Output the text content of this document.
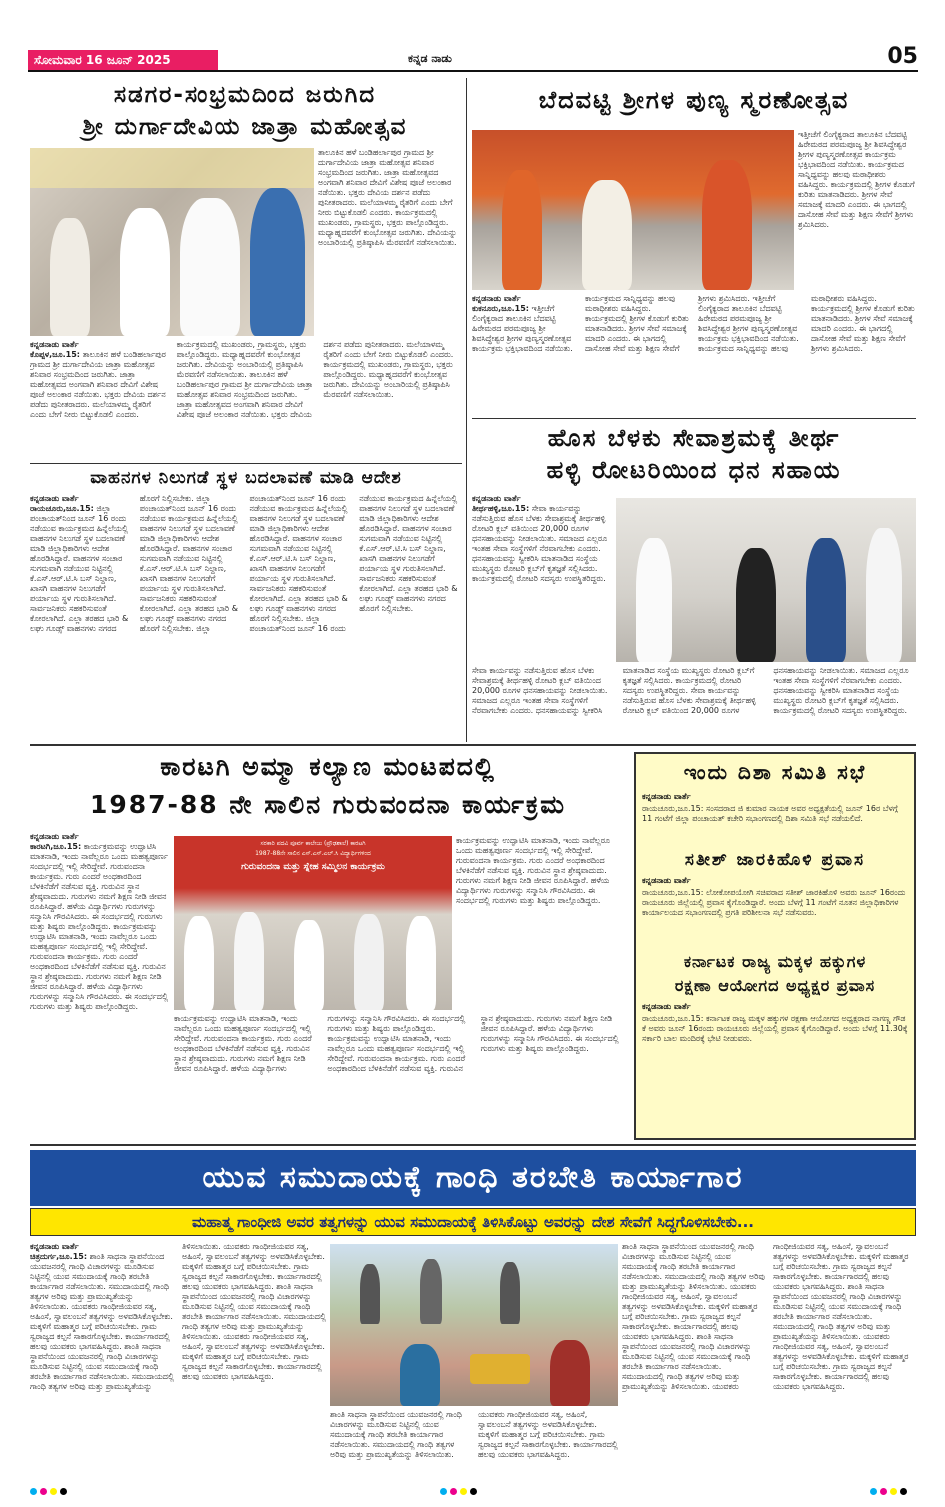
ಸೋಮವಾರ 16 ಜೂನ್ 2025	ಕನ್ನಡ ನಾಡು	05
ಸಡಗರ-ಸಂಭ್ರಮದಿಂದ ಜರುಗಿದ
ಶ್ರೀ ದುರ್ಗಾದೇವಿಯ ಜಾತ್ರಾ ಮಹೋತ್ಸವ

ತಾಲೂಕಿನ ಹಳೆ ಬಂಡಿಹರ್ಲಾಪುರ ಗ್ರಾಮದ ಶ್ರೀ ದುರ್ಗಾದೇವಿಯ ಜಾತ್ರಾ ಮಹೋತ್ಸವ ಶನಿವಾರ ಸಂಭ್ರಮದಿಂದ ಜರುಗಿತು. ಜಾತ್ರಾ ಮಹೋತ್ಸವದ ಅಂಗವಾಗಿ ಶನಿವಾರ ದೇವಿಗೆ ವಿಶೇಷ ಪೂಜೆ ಅಲಂಕಾರ ನಡೆಯಿತು. ಭಕ್ತರು ದೇವಿಯ ದರ್ಶನ ಪಡೆದು ಪುನೀತರಾದರು. ಮಲೆಯಾಳಮ್ಮ ರೈತರಿಗೆ ಎಂದು ಬೇಗೆ ನೀರು ಬಿಟ್ಟುಕೊಡಲಿ ಎಂದರು. ಕಾರ್ಯಕ್ರಮದಲ್ಲಿ ಮುಖಂಡರು, ಗ್ರಾಮಸ್ಥರು, ಭಕ್ತರು ಪಾಲ್ಗೊಂಡಿದ್ದರು. ಮಧ್ಯಾಹ್ನದವರೆಗೆ ಕುಂಭೋತ್ಸವ ಜರುಗಿತು. ದೇವಿಯನ್ನು ಅಂಬಾರಿಯಲ್ಲಿ ಪ್ರತಿಷ್ಠಾಪಿಸಿ ಮೆರವಣಿಗೆ ನಡೆಸಲಾಯಿತು.

ಕನ್ನಡನಾಡು ವಾರ್ತೆ
ಕೊಪ್ಪಳ,ಜೂ.15: ತಾಲೂಕಿನ ಹಳೆ ಬಂಡಿಹರ್ಲಾಪುರ ಗ್ರಾಮದ ಶ್ರೀ ದುರ್ಗಾದೇವಿಯ ಜಾತ್ರಾ ಮಹೋತ್ಸವ ಶನಿವಾರ ಸಂಭ್ರಮದಿಂದ ಜರುಗಿತು. ಜಾತ್ರಾ ಮಹೋತ್ಸವದ ಅಂಗವಾಗಿ ಶನಿವಾರ ದೇವಿಗೆ ವಿಶೇಷ ಪೂಜೆ ಅಲಂಕಾರ ನಡೆಯಿತು. ಭಕ್ತರು ದೇವಿಯ ದರ್ಶನ ಪಡೆದು ಪುನೀತರಾದರು. ಮಲೆಯಾಳಮ್ಮ ರೈತರಿಗೆ ಎಂದು ಬೇಗೆ ನೀರು ಬಿಟ್ಟುಕೊಡಲಿ ಎಂದರು. ಕಾರ್ಯಕ್ರಮದಲ್ಲಿ ಮುಖಂಡರು, ಗ್ರಾಮಸ್ಥರು, ಭಕ್ತರು ಪಾಲ್ಗೊಂಡಿದ್ದರು. ಮಧ್ಯಾಹ್ನದವರೆಗೆ ಕುಂಭೋತ್ಸವ ಜರುಗಿತು. ದೇವಿಯನ್ನು ಅಂಬಾರಿಯಲ್ಲಿ ಪ್ರತಿಷ್ಠಾಪಿಸಿ ಮೆರವಣಿಗೆ ನಡೆಸಲಾಯಿತು. ತಾಲೂಕಿನ ಹಳೆ ಬಂಡಿಹರ್ಲಾಪುರ ಗ್ರಾಮದ ಶ್ರೀ ದುರ್ಗಾದೇವಿಯ ಜಾತ್ರಾ ಮಹೋತ್ಸವ ಶನಿವಾರ ಸಂಭ್ರಮದಿಂದ ಜರುಗಿತು. ಜಾತ್ರಾ ಮಹೋತ್ಸವದ ಅಂಗವಾಗಿ ಶನಿವಾರ ದೇವಿಗೆ ವಿಶೇಷ ಪೂಜೆ ಅಲಂಕಾರ ನಡೆಯಿತು. ಭಕ್ತರು ದೇವಿಯ ದರ್ಶನ ಪಡೆದು ಪುನೀತರಾದರು. ಮಲೆಯಾಳಮ್ಮ ರೈತರಿಗೆ ಎಂದು ಬೇಗೆ ನೀರು ಬಿಟ್ಟುಕೊಡಲಿ ಎಂದರು. ಕಾರ್ಯಕ್ರಮದಲ್ಲಿ ಮುಖಂಡರು, ಗ್ರಾಮಸ್ಥರು, ಭಕ್ತರು ಪಾಲ್ಗೊಂಡಿದ್ದರು. ಮಧ್ಯಾಹ್ನದವರೆಗೆ ಕುಂಭೋತ್ಸವ ಜರುಗಿತು. ದೇವಿಯನ್ನು ಅಂಬಾರಿಯಲ್ಲಿ ಪ್ರತಿಷ್ಠಾಪಿಸಿ ಮೆರವಣಿಗೆ ನಡೆಸಲಾಯಿತು.
ಬೆದವಟ್ಟಿ ಶ್ರೀಗಳ ಪುಣ್ಯ ಸ್ಮರಣೋತ್ಸವ

ಇತ್ತೀಚೆಗೆ ಲಿಂಗೈಕ್ಯರಾದ ತಾಲೂಕಿನ ಬೆದವಟ್ಟಿ ಹಿರೇಮಠದ ಪರಮಪೂಜ್ಯ ಶ್ರೀ ಶಿವಸಿದ್ಧೇಶ್ವರ ಶ್ರೀಗಳ ಪುಣ್ಯಸ್ಮರಣೋತ್ಸವ ಕಾರ್ಯಕ್ರಮ ಭಕ್ತಿಭಾವದಿಂದ ನಡೆಯಿತು. ಕಾರ್ಯಕ್ರಮದ ಸಾನ್ನಿಧ್ಯವನ್ನು ಹಲವು ಮಠಾಧೀಶರು ವಹಿಸಿದ್ದರು. ಕಾರ್ಯಕ್ರಮದಲ್ಲಿ ಶ್ರೀಗಳ ಕೊಡುಗೆ ಕುರಿತು ಮಾತನಾಡಿದರು. ಶ್ರೀಗಳ ಸೇವೆ ಸಮಾಜಕ್ಕೆ ಮಾದರಿ ಎಂದರು. ಈ ಭಾಗದಲ್ಲಿ ದಾಸೋಹ ಸೇವೆ ಮತ್ತು ಶಿಕ್ಷಣ ಸೇವೆಗೆ ಶ್ರೀಗಳು ಶ್ರಮಿಸಿದರು.

ಕನ್ನಡನಾಡು ವಾರ್ತೆ
ಕುಕನೂರು,ಜೂ.15: ಇತ್ತೀಚೆಗೆ ಲಿಂಗೈಕ್ಯರಾದ ತಾಲೂಕಿನ ಬೆದವಟ್ಟಿ ಹಿರೇಮಠದ ಪರಮಪೂಜ್ಯ ಶ್ರೀ ಶಿವಸಿದ್ಧೇಶ್ವರ ಶ್ರೀಗಳ ಪುಣ್ಯಸ್ಮರಣೋತ್ಸವ ಕಾರ್ಯಕ್ರಮ ಭಕ್ತಿಭಾವದಿಂದ ನಡೆಯಿತು. ಕಾರ್ಯಕ್ರಮದ ಸಾನ್ನಿಧ್ಯವನ್ನು ಹಲವು ಮಠಾಧೀಶರು ವಹಿಸಿದ್ದರು. ಕಾರ್ಯಕ್ರಮದಲ್ಲಿ ಶ್ರೀಗಳ ಕೊಡುಗೆ ಕುರಿತು ಮಾತನಾಡಿದರು. ಶ್ರೀಗಳ ಸೇವೆ ಸಮಾಜಕ್ಕೆ ಮಾದರಿ ಎಂದರು. ಈ ಭಾಗದಲ್ಲಿ ದಾಸೋಹ ಸೇವೆ ಮತ್ತು ಶಿಕ್ಷಣ ಸೇವೆಗೆ ಶ್ರೀಗಳು ಶ್ರಮಿಸಿದರು. ಇತ್ತೀಚೆಗೆ ಲಿಂಗೈಕ್ಯರಾದ ತಾಲೂಕಿನ ಬೆದವಟ್ಟಿ ಹಿರೇಮಠದ ಪರಮಪೂಜ್ಯ ಶ್ರೀ ಶಿವಸಿದ್ಧೇಶ್ವರ ಶ್ರೀಗಳ ಪುಣ್ಯಸ್ಮರಣೋತ್ಸವ ಕಾರ್ಯಕ್ರಮ ಭಕ್ತಿಭಾವದಿಂದ ನಡೆಯಿತು. ಕಾರ್ಯಕ್ರಮದ ಸಾನ್ನಿಧ್ಯವನ್ನು ಹಲವು ಮಠಾಧೀಶರು ವಹಿಸಿದ್ದರು. ಕಾರ್ಯಕ್ರಮದಲ್ಲಿ ಶ್ರೀಗಳ ಕೊಡುಗೆ ಕುರಿತು ಮಾತನಾಡಿದರು. ಶ್ರೀಗಳ ಸೇವೆ ಸಮಾಜಕ್ಕೆ ಮಾದರಿ ಎಂದರು. ಈ ಭಾಗದಲ್ಲಿ ದಾಸೋಹ ಸೇವೆ ಮತ್ತು ಶಿಕ್ಷಣ ಸೇವೆಗೆ ಶ್ರೀಗಳು ಶ್ರಮಿಸಿದರು.
ವಾಹನಗಳ ನಿಲುಗಡೆ ಸ್ಥಳ ಬದಲಾವಣೆ ಮಾಡಿ ಆದೇಶ
ಕನ್ನಡನಾಡು ವಾರ್ತೆ
ರಾಯಚೂರು,ಜೂ.15: ಜಿಲ್ಲಾ ಪಂಚಾಯತ್‌ನಿಂದ ಜೂನ್ 16 ರಂದು ನಡೆಯುವ ಕಾರ್ಯಕ್ರಮದ ಹಿನ್ನೆಲೆಯಲ್ಲಿ ವಾಹನಗಳ ನಿಲುಗಡೆ ಸ್ಥಳ ಬದಲಾವಣೆ ಮಾಡಿ ಜಿಲ್ಲಾಧಿಕಾರಿಗಳು ಆದೇಶ ಹೊರಡಿಸಿದ್ದಾರೆ. ವಾಹನಗಳ ಸಂಚಾರ ಸುಗಮವಾಗಿ ನಡೆಯುವ ನಿಟ್ಟಿನಲ್ಲಿ ಕೆ.ಎಸ್.ಆರ್.ಟಿ.ಸಿ ಬಸ್ ನಿಲ್ದಾಣ, ಖಾಸಗಿ ವಾಹನಗಳ ನಿಲುಗಡೆಗೆ ಪರ್ಯಾಯ ಸ್ಥಳ ಗುರುತಿಸಲಾಗಿದೆ. ಸಾರ್ವಜನಿಕರು ಸಹಕರಿಸುವಂತೆ ಕೋರಲಾಗಿದೆ. ಎಲ್ಲಾ ತರಹದ ಭಾರಿ & ಲಘು ಗೂಡ್ಸ್ ವಾಹನಗಳು ನಗರದ ಹೊರಗೆ ನಿಲ್ಲಿಸಬೇಕು. ಜಿಲ್ಲಾ ಪಂಚಾಯತ್‌ನಿಂದ ಜೂನ್ 16 ರಂದು ನಡೆಯುವ ಕಾರ್ಯಕ್ರಮದ ಹಿನ್ನೆಲೆಯಲ್ಲಿ ವಾಹನಗಳ ನಿಲುಗಡೆ ಸ್ಥಳ ಬದಲಾವಣೆ ಮಾಡಿ ಜಿಲ್ಲಾಧಿಕಾರಿಗಳು ಆದೇಶ ಹೊರಡಿಸಿದ್ದಾರೆ. ವಾಹನಗಳ ಸಂಚಾರ ಸುಗಮವಾಗಿ ನಡೆಯುವ ನಿಟ್ಟಿನಲ್ಲಿ ಕೆ.ಎಸ್.ಆರ್.ಟಿ.ಸಿ ಬಸ್ ನಿಲ್ದಾಣ, ಖಾಸಗಿ ವಾಹನಗಳ ನಿಲುಗಡೆಗೆ ಪರ್ಯಾಯ ಸ್ಥಳ ಗುರುತಿಸಲಾಗಿದೆ. ಸಾರ್ವಜನಿಕರು ಸಹಕರಿಸುವಂತೆ ಕೋರಲಾಗಿದೆ. ಎಲ್ಲಾ ತರಹದ ಭಾರಿ & ಲಘು ಗೂಡ್ಸ್ ವಾಹನಗಳು ನಗರದ ಹೊರಗೆ ನಿಲ್ಲಿಸಬೇಕು. ಜಿಲ್ಲಾ ಪಂಚಾಯತ್‌ನಿಂದ ಜೂನ್ 16 ರಂದು ನಡೆಯುವ ಕಾರ್ಯಕ್ರಮದ ಹಿನ್ನೆಲೆಯಲ್ಲಿ ವಾಹನಗಳ ನಿಲುಗಡೆ ಸ್ಥಳ ಬದಲಾವಣೆ ಮಾಡಿ ಜಿಲ್ಲಾಧಿಕಾರಿಗಳು ಆದೇಶ ಹೊರಡಿಸಿದ್ದಾರೆ. ವಾಹನಗಳ ಸಂಚಾರ ಸುಗಮವಾಗಿ ನಡೆಯುವ ನಿಟ್ಟಿನಲ್ಲಿ ಕೆ.ಎಸ್.ಆರ್.ಟಿ.ಸಿ ಬಸ್ ನಿಲ್ದಾಣ, ಖಾಸಗಿ ವಾಹನಗಳ ನಿಲುಗಡೆಗೆ ಪರ್ಯಾಯ ಸ್ಥಳ ಗುರುತಿಸಲಾಗಿದೆ. ಸಾರ್ವಜನಿಕರು ಸಹಕರಿಸುವಂತೆ ಕೋರಲಾಗಿದೆ. ಎಲ್ಲಾ ತರಹದ ಭಾರಿ & ಲಘು ಗೂಡ್ಸ್ ವಾಹನಗಳು ನಗರದ ಹೊರಗೆ ನಿಲ್ಲಿಸಬೇಕು. ಜಿಲ್ಲಾ ಪಂಚಾಯತ್‌ನಿಂದ ಜೂನ್ 16 ರಂದು ನಡೆಯುವ ಕಾರ್ಯಕ್ರಮದ ಹಿನ್ನೆಲೆಯಲ್ಲಿ ವಾಹನಗಳ ನಿಲುಗಡೆ ಸ್ಥಳ ಬದಲಾವಣೆ ಮಾಡಿ ಜಿಲ್ಲಾಧಿಕಾರಿಗಳು ಆದೇಶ ಹೊರಡಿಸಿದ್ದಾರೆ. ವಾಹನಗಳ ಸಂಚಾರ ಸುಗಮವಾಗಿ ನಡೆಯುವ ನಿಟ್ಟಿನಲ್ಲಿ ಕೆ.ಎಸ್.ಆರ್.ಟಿ.ಸಿ ಬಸ್ ನಿಲ್ದಾಣ, ಖಾಸಗಿ ವಾಹನಗಳ ನಿಲುಗಡೆಗೆ ಪರ್ಯಾಯ ಸ್ಥಳ ಗುರುತಿಸಲಾಗಿದೆ. ಸಾರ್ವಜನಿಕರು ಸಹಕರಿಸುವಂತೆ ಕೋರಲಾಗಿದೆ. ಎಲ್ಲಾ ತರಹದ ಭಾರಿ & ಲಘು ಗೂಡ್ಸ್ ವಾಹನಗಳು ನಗರದ ಹೊರಗೆ ನಿಲ್ಲಿಸಬೇಕು.
ಹೊಸ ಬೆಳಕು ಸೇವಾಶ್ರಮಕ್ಕೆ ತೀರ್ಥ
ಹಳ್ಳಿ ರೋಟರಿಯಿಂದ ಧನ ಸಹಾಯ
ಕನ್ನಡನಾಡು ವಾರ್ತೆ
ತೀರ್ಥಹಳ್ಳಿ,ಜೂ.15: ಸೇವಾ ಕಾರ್ಯವನ್ನು ನಡೆಸುತ್ತಿರುವ ಹೊಸ ಬೆಳಕು ಸೇವಾಶ್ರಮಕ್ಕೆ ತೀರ್ಥಹಳ್ಳಿ ರೋಟರಿ ಕ್ಲಬ್ ವತಿಯಿಂದ 20,000 ರೂಗಳ ಧನಸಹಾಯವನ್ನು ನೀಡಲಾಯಿತು. ಸಮಾಜದ ಎಲ್ಲರೂ ಇಂತಹ ಸೇವಾ ಸಂಸ್ಥೆಗಳಿಗೆ ನೆರವಾಗಬೇಕು ಎಂದರು. ಧನಸಹಾಯವನ್ನು ಸ್ವೀಕರಿಸಿ ಮಾತನಾಡಿದ ಸಂಸ್ಥೆಯ ಮುಖ್ಯಸ್ಥರು ರೋಟರಿ ಕ್ಲಬ್‌ಗೆ ಕೃತಜ್ಞತೆ ಸಲ್ಲಿಸಿದರು. ಕಾರ್ಯಕ್ರಮದಲ್ಲಿ ರೋಟರಿ ಸದಸ್ಯರು ಉಪಸ್ಥಿತರಿದ್ದರು.
ಸೇವಾ ಕಾರ್ಯವನ್ನು ನಡೆಸುತ್ತಿರುವ ಹೊಸ ಬೆಳಕು ಸೇವಾಶ್ರಮಕ್ಕೆ ತೀರ್ಥಹಳ್ಳಿ ರೋಟರಿ ಕ್ಲಬ್ ವತಿಯಿಂದ 20,000 ರೂಗಳ ಧನಸಹಾಯವನ್ನು ನೀಡಲಾಯಿತು. ಸಮಾಜದ ಎಲ್ಲರೂ ಇಂತಹ ಸೇವಾ ಸಂಸ್ಥೆಗಳಿಗೆ ನೆರವಾಗಬೇಕು ಎಂದರು. ಧನಸಹಾಯವನ್ನು ಸ್ವೀಕರಿಸಿ ಮಾತನಾಡಿದ ಸಂಸ್ಥೆಯ ಮುಖ್ಯಸ್ಥರು ರೋಟರಿ ಕ್ಲಬ್‌ಗೆ ಕೃತಜ್ಞತೆ ಸಲ್ಲಿಸಿದರು. ಕಾರ್ಯಕ್ರಮದಲ್ಲಿ ರೋಟರಿ ಸದಸ್ಯರು ಉಪಸ್ಥಿತರಿದ್ದರು. ಸೇವಾ ಕಾರ್ಯವನ್ನು ನಡೆಸುತ್ತಿರುವ ಹೊಸ ಬೆಳಕು ಸೇವಾಶ್ರಮಕ್ಕೆ ತೀರ್ಥಹಳ್ಳಿ ರೋಟರಿ ಕ್ಲಬ್ ವತಿಯಿಂದ 20,000 ರೂಗಳ ಧನಸಹಾಯವನ್ನು ನೀಡಲಾಯಿತು. ಸಮಾಜದ ಎಲ್ಲರೂ ಇಂತಹ ಸೇವಾ ಸಂಸ್ಥೆಗಳಿಗೆ ನೆರವಾಗಬೇಕು ಎಂದರು. ಧನಸಹಾಯವನ್ನು ಸ್ವೀಕರಿಸಿ ಮಾತನಾಡಿದ ಸಂಸ್ಥೆಯ ಮುಖ್ಯಸ್ಥರು ರೋಟರಿ ಕ್ಲಬ್‌ಗೆ ಕೃತಜ್ಞತೆ ಸಲ್ಲಿಸಿದರು. ಕಾರ್ಯಕ್ರಮದಲ್ಲಿ ರೋಟರಿ ಸದಸ್ಯರು ಉಪಸ್ಥಿತರಿದ್ದರು.
ಕಾರಟಗಿ ಅಮ್ಮಾ ಕಲ್ಯಾಣ ಮಂಟಪದಲ್ಲಿ
1987-88 ನೇ ಸಾಲಿನ ಗುರುವಂದನಾ ಕಾರ್ಯಕ್ರಮ
ಕನ್ನಡನಾಡು ವಾರ್ತೆ
ಕಾರಟಗಿ,ಜೂ.15: ಕಾರ್ಯಕ್ರಮವನ್ನು ಉದ್ಘಾಟಿಸಿ ಮಾತನಾಡಿ, ಇಂದು ನಾವೆಲ್ಲರೂ ಒಂದು ಮಹತ್ವಪೂರ್ಣ ಸಂದರ್ಭದಲ್ಲಿ ಇಲ್ಲಿ ಸೇರಿದ್ದೇವೆ. ಗುರುವಂದನಾ ಕಾರ್ಯಕ್ರಮ. ಗುರು ಎಂದರೆ ಅಂಧಕಾರದಿಂದ ಬೆಳಕಿನೆಡೆಗೆ ನಡೆಸುವ ವ್ಯಕ್ತಿ. ಗುರುವಿನ ಸ್ಥಾನ ಶ್ರೇಷ್ಠವಾದುದು. ಗುರುಗಳು ನಮಗೆ ಶಿಕ್ಷಣ ನೀಡಿ ಜೀವನ ರೂಪಿಸಿದ್ದಾರೆ. ಹಳೆಯ ವಿದ್ಯಾರ್ಥಿಗಳು ಗುರುಗಳನ್ನು ಸನ್ಮಾನಿಸಿ ಗೌರವಿಸಿದರು. ಈ ಸಂದರ್ಭದಲ್ಲಿ ಗುರುಗಳು ಮತ್ತು ಶಿಷ್ಯರು ಪಾಲ್ಗೊಂಡಿದ್ದರು. ಕಾರ್ಯಕ್ರಮವನ್ನು ಉದ್ಘಾಟಿಸಿ ಮಾತನಾಡಿ, ಇಂದು ನಾವೆಲ್ಲರೂ ಒಂದು ಮಹತ್ವಪೂರ್ಣ ಸಂದರ್ಭದಲ್ಲಿ ಇಲ್ಲಿ ಸೇರಿದ್ದೇವೆ. ಗುರುವಂದನಾ ಕಾರ್ಯಕ್ರಮ. ಗುರು ಎಂದರೆ ಅಂಧಕಾರದಿಂದ ಬೆಳಕಿನೆಡೆಗೆ ನಡೆಸುವ ವ್ಯಕ್ತಿ. ಗುರುವಿನ ಸ್ಥಾನ ಶ್ರೇಷ್ಠವಾದುದು. ಗುರುಗಳು ನಮಗೆ ಶಿಕ್ಷಣ ನೀಡಿ ಜೀವನ ರೂಪಿಸಿದ್ದಾರೆ. ಹಳೆಯ ವಿದ್ಯಾರ್ಥಿಗಳು ಗುರುಗಳನ್ನು ಸನ್ಮಾನಿಸಿ ಗೌರವಿಸಿದರು. ಈ ಸಂದರ್ಭದಲ್ಲಿ ಗುರುಗಳು ಮತ್ತು ಶಿಷ್ಯರು ಪಾಲ್ಗೊಂಡಿದ್ದರು.
ಸರಕಾರಿ ಪದವಿ ಪೂರ್ವ ಕಾಲೇಜು (ಪ್ರೌಢಶಾಲೆ) ಕಾರಟಗಿ
1987-88ನೇ ಸಾಲಿನ ಎಸ್.ಎಸ್.ಎಲ್.ಸಿ ವಿದ್ಯಾರ್ಥಿಗಳಿಂದ
ಗುರುವಂದನಾ ಮತ್ತು ಸ್ನೇಹ ಸಮ್ಮಿಲನ ಕಾರ್ಯಕ್ರಮ

ಕಾರ್ಯಕ್ರಮವನ್ನು ಉದ್ಘಾಟಿಸಿ ಮಾತನಾಡಿ, ಇಂದು ನಾವೆಲ್ಲರೂ ಒಂದು ಮಹತ್ವಪೂರ್ಣ ಸಂದರ್ಭದಲ್ಲಿ ಇಲ್ಲಿ ಸೇರಿದ್ದೇವೆ. ಗುರುವಂದನಾ ಕಾರ್ಯಕ್ರಮ. ಗುರು ಎಂದರೆ ಅಂಧಕಾರದಿಂದ ಬೆಳಕಿನೆಡೆಗೆ ನಡೆಸುವ ವ್ಯಕ್ತಿ. ಗುರುವಿನ ಸ್ಥಾನ ಶ್ರೇಷ್ಠವಾದುದು. ಗುರುಗಳು ನಮಗೆ ಶಿಕ್ಷಣ ನೀಡಿ ಜೀವನ ರೂಪಿಸಿದ್ದಾರೆ. ಹಳೆಯ ವಿದ್ಯಾರ್ಥಿಗಳು ಗುರುಗಳನ್ನು ಸನ್ಮಾನಿಸಿ ಗೌರವಿಸಿದರು. ಈ ಸಂದರ್ಭದಲ್ಲಿ ಗುರುಗಳು ಮತ್ತು ಶಿಷ್ಯರು ಪಾಲ್ಗೊಂಡಿದ್ದರು.

ಕಾರ್ಯಕ್ರಮವನ್ನು ಉದ್ಘಾಟಿಸಿ ಮಾತನಾಡಿ, ಇಂದು ನಾವೆಲ್ಲರೂ ಒಂದು ಮಹತ್ವಪೂರ್ಣ ಸಂದರ್ಭದಲ್ಲಿ ಇಲ್ಲಿ ಸೇರಿದ್ದೇವೆ. ಗುರುವಂದನಾ ಕಾರ್ಯಕ್ರಮ. ಗುರು ಎಂದರೆ ಅಂಧಕಾರದಿಂದ ಬೆಳಕಿನೆಡೆಗೆ ನಡೆಸುವ ವ್ಯಕ್ತಿ. ಗುರುವಿನ ಸ್ಥಾನ ಶ್ರೇಷ್ಠವಾದುದು. ಗುರುಗಳು ನಮಗೆ ಶಿಕ್ಷಣ ನೀಡಿ ಜೀವನ ರೂಪಿಸಿದ್ದಾರೆ. ಹಳೆಯ ವಿದ್ಯಾರ್ಥಿಗಳು ಗುರುಗಳನ್ನು ಸನ್ಮಾನಿಸಿ ಗೌರವಿಸಿದರು. ಈ ಸಂದರ್ಭದಲ್ಲಿ ಗುರುಗಳು ಮತ್ತು ಶಿಷ್ಯರು ಪಾಲ್ಗೊಂಡಿದ್ದರು. ಕಾರ್ಯಕ್ರಮವನ್ನು ಉದ್ಘಾಟಿಸಿ ಮಾತನಾಡಿ, ಇಂದು ನಾವೆಲ್ಲರೂ ಒಂದು ಮಹತ್ವಪೂರ್ಣ ಸಂದರ್ಭದಲ್ಲಿ ಇಲ್ಲಿ ಸೇರಿದ್ದೇವೆ. ಗುರುವಂದನಾ ಕಾರ್ಯಕ್ರಮ. ಗುರು ಎಂದರೆ ಅಂಧಕಾರದಿಂದ ಬೆಳಕಿನೆಡೆಗೆ ನಡೆಸುವ ವ್ಯಕ್ತಿ. ಗುರುವಿನ ಸ್ಥಾನ ಶ್ರೇಷ್ಠವಾದುದು. ಗುರುಗಳು ನಮಗೆ ಶಿಕ್ಷಣ ನೀಡಿ ಜೀವನ ರೂಪಿಸಿದ್ದಾರೆ. ಹಳೆಯ ವಿದ್ಯಾರ್ಥಿಗಳು ಗುರುಗಳನ್ನು ಸನ್ಮಾನಿಸಿ ಗೌರವಿಸಿದರು. ಈ ಸಂದರ್ಭದಲ್ಲಿ ಗುರುಗಳು ಮತ್ತು ಶಿಷ್ಯರು ಪಾಲ್ಗೊಂಡಿದ್ದರು.
ಇಂದು ದಿಶಾ ಸಮಿತಿ ಸಭೆ
ಕನ್ನಡನಾಡು ವಾರ್ತೆ
ರಾಯಚೂರು,ಜೂ.15: ಸಂಸದರಾದ ಜಿ ಕುಮಾರ ನಾಯಕ ಅವರ ಅಧ್ಯಕ್ಷತೆಯಲ್ಲಿ ಜೂನ್ 16ರ ಬೆಳಗ್ಗೆ 11 ಗಂಟೆಗೆ ಜಿಲ್ಲಾ ಪಂಚಾಯತ್ ಕಚೇರಿ ಸಭಾಂಗಣದಲ್ಲಿ ದಿಶಾ ಸಮಿತಿ ಸಭೆ ನಡೆಯಲಿದೆ.
ಸತೀಶ್ ಜಾರಕಿಹೊಳಿ ಪ್ರವಾಸ
ಕನ್ನಡನಾಡು ವಾರ್ತೆ
ರಾಯಚೂರು,ಜೂ.15: ಲೋಕೋಪಯೋಗಿ ಸಚಿವರಾದ ಸತೀಶ್ ಜಾರಕಿಹೊಳಿ ಅವರು ಜೂನ್ 16ರಂದು ರಾಯಚೂರು ಜಿಲ್ಲೆಯಲ್ಲಿ ಪ್ರವಾಸ ಕೈಗೊಂಡಿದ್ದಾರೆ. ಅಂದು ಬೆಳಗ್ಗೆ 11 ಗಂಟೆಗೆ ನೂತನ ಜಿಲ್ಲಾಧಿಕಾರಿಗಳ ಕಾರ್ಯಾಲಯದ ಸಭಾಂಗಣದಲ್ಲಿ ಪ್ರಗತಿ ಪರಿಶೀಲನಾ ಸಭೆ ನಡೆಸುವರು.
ಕರ್ನಾಟಕ ರಾಜ್ಯ ಮಕ್ಕಳ ಹಕ್ಕುಗಳ
ರಕ್ಷಣಾ ಆಯೋಗದ ಅಧ್ಯಕ್ಷರ ಪ್ರವಾಸ
ಕನ್ನಡನಾಡು ವಾರ್ತೆ
ರಾಯಚೂರು,ಜೂ.15: ಕರ್ನಾಟಕ ರಾಜ್ಯ ಮಕ್ಕಳ ಹಕ್ಕುಗಳ ರಕ್ಷಣಾ ಆಯೋಗದ ಅಧ್ಯಕ್ಷರಾದ ನಾಗಣ್ಣ ಗೌಡ ಕೆ ಅವರು ಜೂನ್ 16ರಂದು ರಾಯಚೂರು ಜಿಲ್ಲೆಯಲ್ಲಿ ಪ್ರವಾಸ ಕೈಗೊಂಡಿದ್ದಾರೆ. ಅಂದು ಬೆಳಗ್ಗೆ 11.30ಕ್ಕೆ ಸರ್ಕಾರಿ ಬಾಲ ಮಂದಿರಕ್ಕೆ ಭೇಟಿ ನೀಡುವರು.
ಯುವ ಸಮುದಾಯಕ್ಕೆ ಗಾಂಧಿ ತರಬೇತಿ ಕಾರ್ಯಾಗಾರ
ಮಹಾತ್ಮ ಗಾಂಧೀಜಿ ಅವರ ತತ್ವಗಳನ್ನು ಯುವ ಸಮುದಾಯಕ್ಕೆ ತಿಳಿಸಿಕೊಟ್ಟು ಅವರನ್ನು ದೇಶ ಸೇವೆಗೆ ಸಿದ್ಧಗೊಳಿಸಬೇಕು...
ಕನ್ನಡನಾಡು ವಾರ್ತೆ
ಚಿತ್ರದುರ್ಗ,ಜೂ.15: ಶಾಂತಿ ಸಾಧನಾ ಸ್ಥಾಪನೆಯಿಂದ ಯುವಜನರಲ್ಲಿ ಗಾಂಧಿ ವಿಚಾರಗಳನ್ನು ಮೂಡಿಸುವ ನಿಟ್ಟಿನಲ್ಲಿ ಯುವ ಸಮುದಾಯಕ್ಕೆ ಗಾಂಧಿ ತರಬೇತಿ ಕಾರ್ಯಾಗಾರ ನಡೆಸಲಾಯಿತು. ಸಮುದಾಯದಲ್ಲಿ ಗಾಂಧಿ ತತ್ವಗಳ ಅರಿವು ಮತ್ತು ಪ್ರಾಮುಖ್ಯತೆಯನ್ನು ತಿಳಿಸಲಾಯಿತು. ಯುವಕರು ಗಾಂಧೀಜಿಯವರ ಸತ್ಯ, ಅಹಿಂಸೆ, ಸ್ವಾವಲಂಬನೆ ತತ್ವಗಳನ್ನು ಅಳವಡಿಸಿಕೊಳ್ಳಬೇಕು. ಮಕ್ಕಳಿಗೆ ಮಹಾತ್ಮರ ಬಗ್ಗೆ ಪರಿಚಯಿಸಬೇಕು. ಗ್ರಾಮ ಸ್ವರಾಜ್ಯದ ಕಲ್ಪನೆ ಸಾಕಾರಗೊಳ್ಳಬೇಕು. ಕಾರ್ಯಾಗಾರದಲ್ಲಿ ಹಲವು ಯುವಕರು ಭಾಗವಹಿಸಿದ್ದರು. ಶಾಂತಿ ಸಾಧನಾ ಸ್ಥಾಪನೆಯಿಂದ ಯುವಜನರಲ್ಲಿ ಗಾಂಧಿ ವಿಚಾರಗಳನ್ನು ಮೂಡಿಸುವ ನಿಟ್ಟಿನಲ್ಲಿ ಯುವ ಸಮುದಾಯಕ್ಕೆ ಗಾಂಧಿ ತರಬೇತಿ ಕಾರ್ಯಾಗಾರ ನಡೆಸಲಾಯಿತು. ಸಮುದಾಯದಲ್ಲಿ ಗಾಂಧಿ ತತ್ವಗಳ ಅರಿವು ಮತ್ತು ಪ್ರಾಮುಖ್ಯತೆಯನ್ನು ತಿಳಿಸಲಾಯಿತು. ಯುವಕರು ಗಾಂಧೀಜಿಯವರ ಸತ್ಯ, ಅಹಿಂಸೆ, ಸ್ವಾವಲಂಬನೆ ತತ್ವಗಳನ್ನು ಅಳವಡಿಸಿಕೊಳ್ಳಬೇಕು. ಮಕ್ಕಳಿಗೆ ಮಹಾತ್ಮರ ಬಗ್ಗೆ ಪರಿಚಯಿಸಬೇಕು. ಗ್ರಾಮ ಸ್ವರಾಜ್ಯದ ಕಲ್ಪನೆ ಸಾಕಾರಗೊಳ್ಳಬೇಕು. ಕಾರ್ಯಾಗಾರದಲ್ಲಿ ಹಲವು ಯುವಕರು ಭಾಗವಹಿಸಿದ್ದರು. ಶಾಂತಿ ಸಾಧನಾ ಸ್ಥಾಪನೆಯಿಂದ ಯುವಜನರಲ್ಲಿ ಗಾಂಧಿ ವಿಚಾರಗಳನ್ನು ಮೂಡಿಸುವ ನಿಟ್ಟಿನಲ್ಲಿ ಯುವ ಸಮುದಾಯಕ್ಕೆ ಗಾಂಧಿ ತರಬೇತಿ ಕಾರ್ಯಾಗಾರ ನಡೆಸಲಾಯಿತು. ಸಮುದಾಯದಲ್ಲಿ ಗಾಂಧಿ ತತ್ವಗಳ ಅರಿವು ಮತ್ತು ಪ್ರಾಮುಖ್ಯತೆಯನ್ನು ತಿಳಿಸಲಾಯಿತು. ಯುವಕರು ಗಾಂಧೀಜಿಯವರ ಸತ್ಯ, ಅಹಿಂಸೆ, ಸ್ವಾವಲಂಬನೆ ತತ್ವಗಳನ್ನು ಅಳವಡಿಸಿಕೊಳ್ಳಬೇಕು. ಮಕ್ಕಳಿಗೆ ಮಹಾತ್ಮರ ಬಗ್ಗೆ ಪರಿಚಯಿಸಬೇಕು. ಗ್ರಾಮ ಸ್ವರಾಜ್ಯದ ಕಲ್ಪನೆ ಸಾಕಾರಗೊಳ್ಳಬೇಕು. ಕಾರ್ಯಾಗಾರದಲ್ಲಿ ಹಲವು ಯುವಕರು ಭಾಗವಹಿಸಿದ್ದರು.
ಶಾಂತಿ ಸಾಧನಾ ಸ್ಥಾಪನೆಯಿಂದ ಯುವಜನರಲ್ಲಿ ಗಾಂಧಿ ವಿಚಾರಗಳನ್ನು ಮೂಡಿಸುವ ನಿಟ್ಟಿನಲ್ಲಿ ಯುವ ಸಮುದಾಯಕ್ಕೆ ಗಾಂಧಿ ತರಬೇತಿ ಕಾರ್ಯಾಗಾರ ನಡೆಸಲಾಯಿತು. ಸಮುದಾಯದಲ್ಲಿ ಗಾಂಧಿ ತತ್ವಗಳ ಅರಿವು ಮತ್ತು ಪ್ರಾಮುಖ್ಯತೆಯನ್ನು ತಿಳಿಸಲಾಯಿತು. ಯುವಕರು ಗಾಂಧೀಜಿಯವರ ಸತ್ಯ, ಅಹಿಂಸೆ, ಸ್ವಾವಲಂಬನೆ ತತ್ವಗಳನ್ನು ಅಳವಡಿಸಿಕೊಳ್ಳಬೇಕು. ಮಕ್ಕಳಿಗೆ ಮಹಾತ್ಮರ ಬಗ್ಗೆ ಪರಿಚಯಿಸಬೇಕು. ಗ್ರಾಮ ಸ್ವರಾಜ್ಯದ ಕಲ್ಪನೆ ಸಾಕಾರಗೊಳ್ಳಬೇಕು. ಕಾರ್ಯಾಗಾರದಲ್ಲಿ ಹಲವು ಯುವಕರು ಭಾಗವಹಿಸಿದ್ದರು.
ಶಾಂತಿ ಸಾಧನಾ ಸ್ಥಾಪನೆಯಿಂದ ಯುವಜನರಲ್ಲಿ ಗಾಂಧಿ ವಿಚಾರಗಳನ್ನು ಮೂಡಿಸುವ ನಿಟ್ಟಿನಲ್ಲಿ ಯುವ ಸಮುದಾಯಕ್ಕೆ ಗಾಂಧಿ ತರಬೇತಿ ಕಾರ್ಯಾಗಾರ ನಡೆಸಲಾಯಿತು. ಸಮುದಾಯದಲ್ಲಿ ಗಾಂಧಿ ತತ್ವಗಳ ಅರಿವು ಮತ್ತು ಪ್ರಾಮುಖ್ಯತೆಯನ್ನು ತಿಳಿಸಲಾಯಿತು. ಯುವಕರು ಗಾಂಧೀಜಿಯವರ ಸತ್ಯ, ಅಹಿಂಸೆ, ಸ್ವಾವಲಂಬನೆ ತತ್ವಗಳನ್ನು ಅಳವಡಿಸಿಕೊಳ್ಳಬೇಕು. ಮಕ್ಕಳಿಗೆ ಮಹಾತ್ಮರ ಬಗ್ಗೆ ಪರಿಚಯಿಸಬೇಕು. ಗ್ರಾಮ ಸ್ವರಾಜ್ಯದ ಕಲ್ಪನೆ ಸಾಕಾರಗೊಳ್ಳಬೇಕು. ಕಾರ್ಯಾಗಾರದಲ್ಲಿ ಹಲವು ಯುವಕರು ಭಾಗವಹಿಸಿದ್ದರು. ಶಾಂತಿ ಸಾಧನಾ ಸ್ಥಾಪನೆಯಿಂದ ಯುವಜನರಲ್ಲಿ ಗಾಂಧಿ ವಿಚಾರಗಳನ್ನು ಮೂಡಿಸುವ ನಿಟ್ಟಿನಲ್ಲಿ ಯುವ ಸಮುದಾಯಕ್ಕೆ ಗಾಂಧಿ ತರಬೇತಿ ಕಾರ್ಯಾಗಾರ ನಡೆಸಲಾಯಿತು. ಸಮುದಾಯದಲ್ಲಿ ಗಾಂಧಿ ತತ್ವಗಳ ಅರಿವು ಮತ್ತು ಪ್ರಾಮುಖ್ಯತೆಯನ್ನು ತಿಳಿಸಲಾಯಿತು. ಯುವಕರು ಗಾಂಧೀಜಿಯವರ ಸತ್ಯ, ಅಹಿಂಸೆ, ಸ್ವಾವಲಂಬನೆ ತತ್ವಗಳನ್ನು ಅಳವಡಿಸಿಕೊಳ್ಳಬೇಕು. ಮಕ್ಕಳಿಗೆ ಮಹಾತ್ಮರ ಬಗ್ಗೆ ಪರಿಚಯಿಸಬೇಕು. ಗ್ರಾಮ ಸ್ವರಾಜ್ಯದ ಕಲ್ಪನೆ ಸಾಕಾರಗೊಳ್ಳಬೇಕು. ಕಾರ್ಯಾಗಾರದಲ್ಲಿ ಹಲವು ಯುವಕರು ಭಾಗವಹಿಸಿದ್ದರು. ಶಾಂತಿ ಸಾಧನಾ ಸ್ಥಾಪನೆಯಿಂದ ಯುವಜನರಲ್ಲಿ ಗಾಂಧಿ ವಿಚಾರಗಳನ್ನು ಮೂಡಿಸುವ ನಿಟ್ಟಿನಲ್ಲಿ ಯುವ ಸಮುದಾಯಕ್ಕೆ ಗಾಂಧಿ ತರಬೇತಿ ಕಾರ್ಯಾಗಾರ ನಡೆಸಲಾಯಿತು. ಸಮುದಾಯದಲ್ಲಿ ಗಾಂಧಿ ತತ್ವಗಳ ಅರಿವು ಮತ್ತು ಪ್ರಾಮುಖ್ಯತೆಯನ್ನು ತಿಳಿಸಲಾಯಿತು. ಯುವಕರು ಗಾಂಧೀಜಿಯವರ ಸತ್ಯ, ಅಹಿಂಸೆ, ಸ್ವಾವಲಂಬನೆ ತತ್ವಗಳನ್ನು ಅಳವಡಿಸಿಕೊಳ್ಳಬೇಕು. ಮಕ್ಕಳಿಗೆ ಮಹಾತ್ಮರ ಬಗ್ಗೆ ಪರಿಚಯಿಸಬೇಕು. ಗ್ರಾಮ ಸ್ವರಾಜ್ಯದ ಕಲ್ಪನೆ ಸಾಕಾರಗೊಳ್ಳಬೇಕು. ಕಾರ್ಯಾಗಾರದಲ್ಲಿ ಹಲವು ಯುವಕರು ಭಾಗವಹಿಸಿದ್ದರು.
